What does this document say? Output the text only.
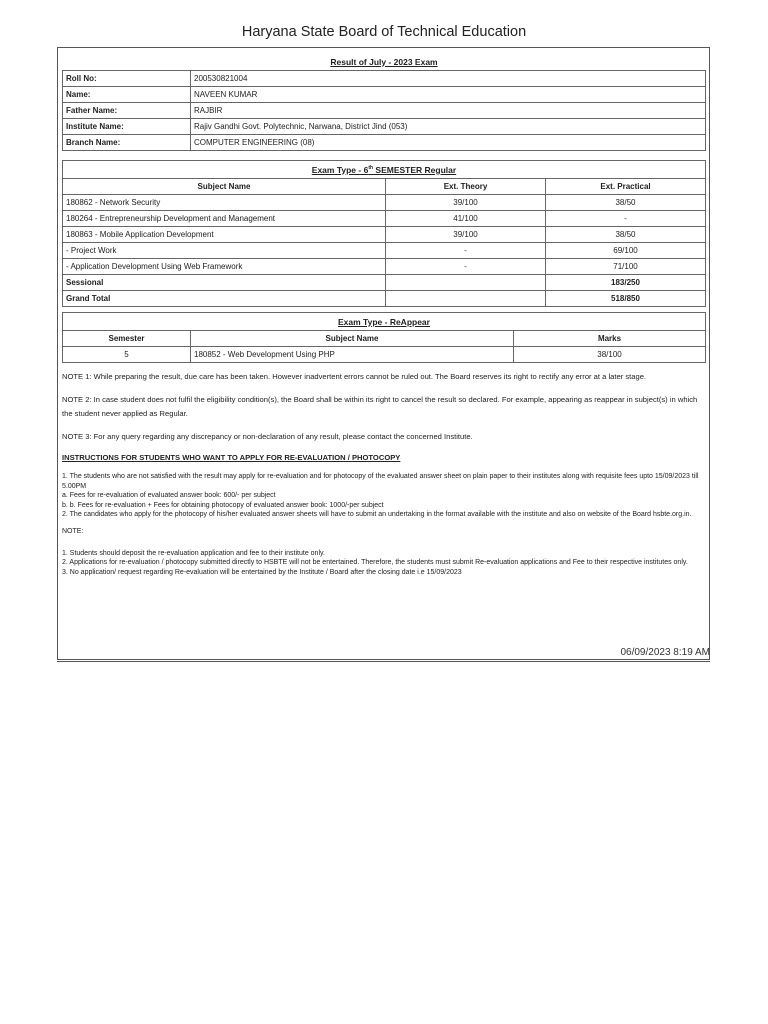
Haryana State Board of Technical Education
06/09/2023 8:19 AM
Result of July - 2023 Exam	
Roll No:	200530821004
Name:	NAVEEN KUMAR
Father Name:	RAJBIR
Institute Name:	Rajiv Gandhi Govt. Polytechnic, Narwana, District Jind (053)
Branch Name:	COMPUTER ENGINEERING (08)
Exam Type - 6th SEMESTER Regular		
Subject Name	Ext. Theory	Ext. Practical
180862 - Network Security	39/100	38/50
180264 - Entrepreneurship Development and Management	41/100	-
180863 - Mobile Application Development	39/100	38/50
- Project Work	-	69/100
- Application Development Using Web Framework	-	71/100
Sessional		183/250
Grand Total		518/850
Exam Type - ReAppear		
Semester	Subject Name	Marks
5	180852 - Web Development Using PHP	38/100

NOTE 1: While preparing the result, due care has been taken. However inadvertent errors cannot be ruled out. The Board reserves its right to rectify any error at a later stage.

NOTE 2: In case student does not fulfil the eligibility condition(s), the Board shall be within its right to cancel the result so declared. For example, appearing as reappear in subject(s) in which the student never applied as Regular.

NOTE 3: For any query regarding any discrepancy or non-declaration of any result, please contact the concerned Institute.

INSTRUCTIONS FOR STUDENTS WHO WANT TO APPLY FOR RE-EVALUATION / PHOTOCOPY

1. The students who are not satisfied with the result may apply for re-evaluation and for photocopy of the evaluated answer sheet on plain paper to their institutes along with requisite fees upto 15/09/2023 till 5.00PM
a. Fees for re-evaluation of evaluated answer book: 600/- per subject
b. b. Fees for re-evaluation + Fees for obtaining photocopy of evaluated answer book: 1000/-per subject
2. The candidates who apply for the photocopy of his/her evaluated answer sheets will have to submit an undertaking in the format available with the institute and also on website of the Board hsbte.org.in.

NOTE:

1. Students should deposit the re-evaluation application and fee to their institute only.
2. Applications for re-evaluation / photocopy submitted directly to HSBTE will not be entertained. Therefore, the students must submit Re-evaluation applications and Fee to their respective institutes only.
3. No application/ request regarding Re-evaluation will be entertained by the Institute / Board after the closing date i.e 15/09/2023
